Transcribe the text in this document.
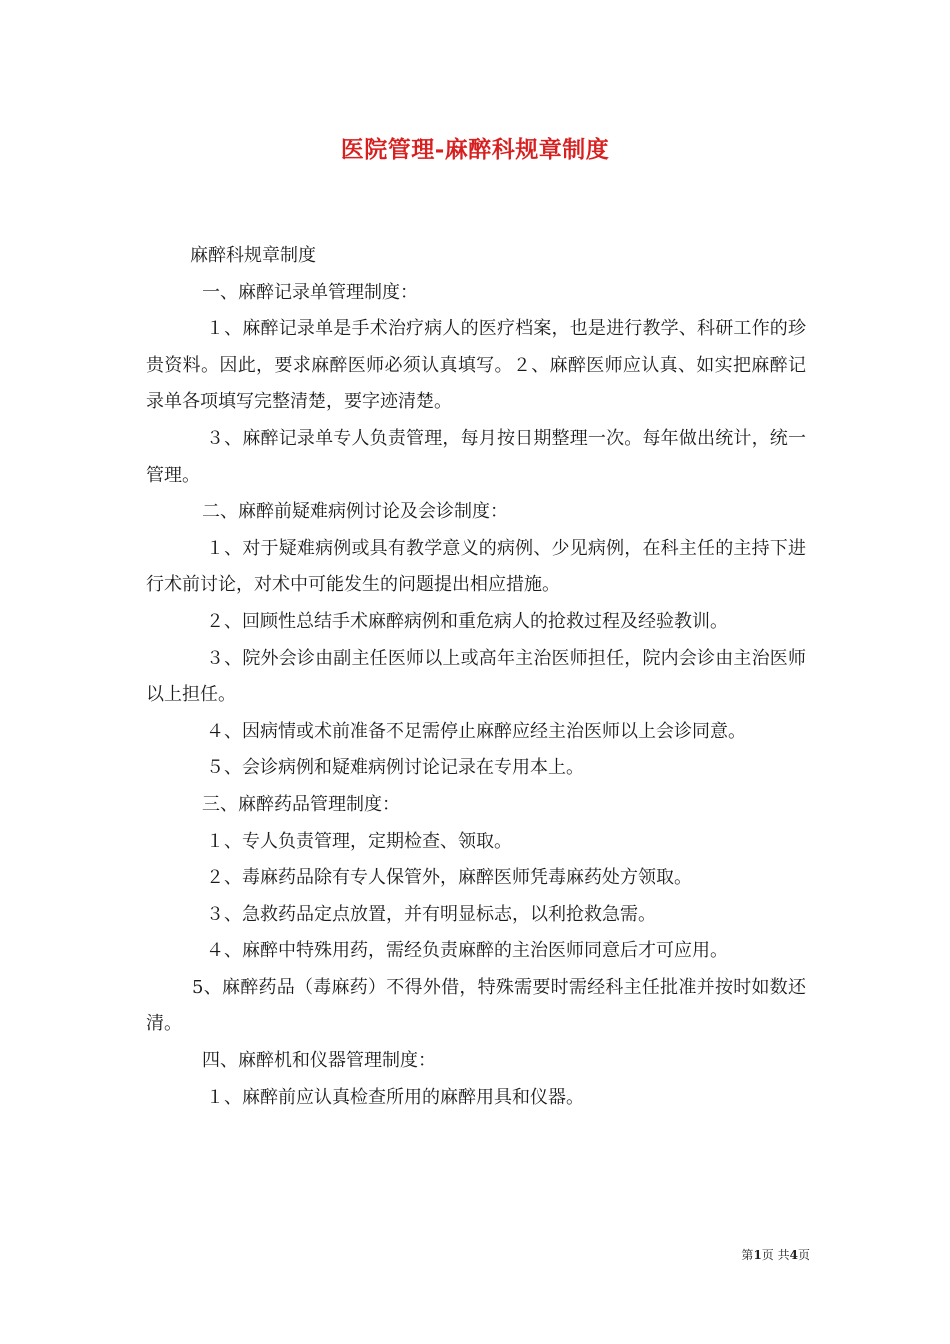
医院管理-麻醉科规章制度

麻醉科规章制度

一、麻醉记录单管理制度：

１、麻醉记录单是手术治疗病人的医疗档案，也是进行教学、科研工作的珍贵资料。因此，要求麻醉医师必须认真填写。２、麻醉医师应认真、如实把麻醉记录单各项填写完整清楚，要字迹清楚。

３、麻醉记录单专人负责管理，每月按日期整理一次。每年做出统计，统一管理。

二、麻醉前疑难病例讨论及会诊制度：

１、对于疑难病例或具有教学意义的病例、少见病例，在科主任的主持下进行术前讨论，对术中可能发生的问题提出相应措施。

２、回顾性总结手术麻醉病例和重危病人的抢救过程及经验教训。

３、院外会诊由副主任医师以上或高年主治医师担任，院内会诊由主治医师以上担任。

４、因病情或术前准备不足需停止麻醉应经主治医师以上会诊同意。

５、会诊病例和疑难病例讨论记录在专用本上。

三、麻醉药品管理制度：

１、专人负责管理，定期检查、领取。

２、毒麻药品除有专人保管外，麻醉医师凭毒麻药处方领取。

３、急救药品定点放置，并有明显标志，以利抢救急需。

４、麻醉中特殊用药，需经负责麻醉的主治医师同意后才可应用。

5、麻醉药品（毒麻药）不得外借，特殊需要时需经科主任批准并按时如数还清。

四、麻醉机和仪器管理制度：

１、麻醉前应认真检查所用的麻醉用具和仪器。

第1页 共4页
